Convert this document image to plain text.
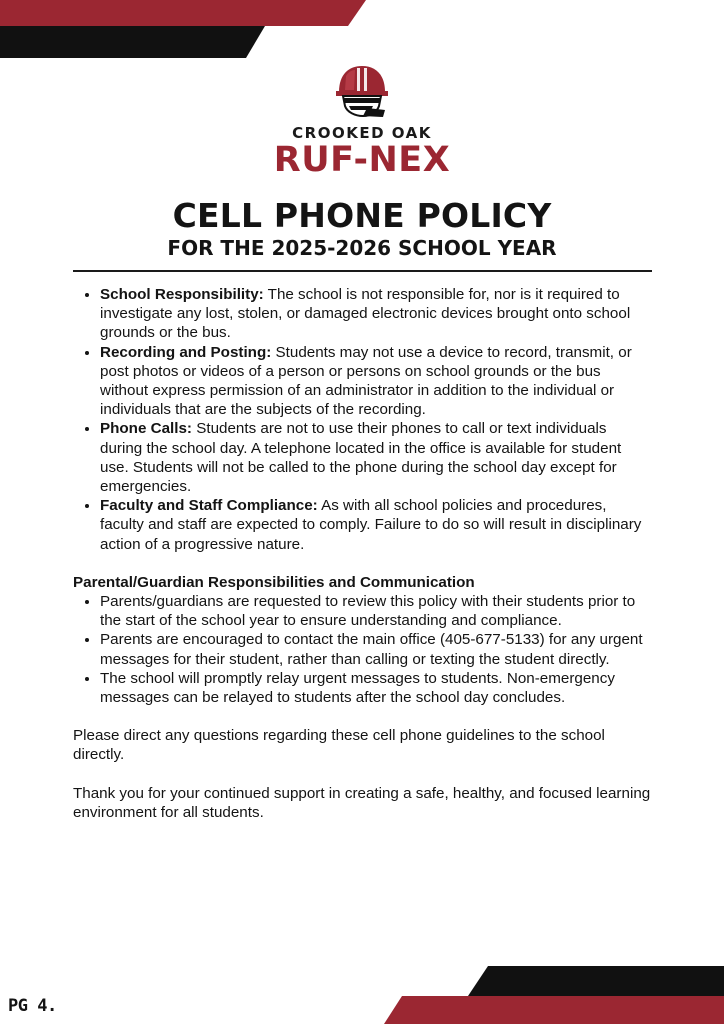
CROOKED OAK
RUF-NEX
CELL PHONE POLICY
FOR THE 2025-2026 SCHOOL YEAR
• School Responsibility: The school is not responsible for, nor is it required to investigate any lost, stolen, or damaged electronic devices brought onto school grounds or the bus.
• Recording and Posting: Students may not use a device to record, transmit, or post photos or videos of a person or persons on school grounds or the bus without express permission of an administrator in addition to the individual or individuals that are the subjects of the recording.
• Phone Calls: Students are not to use their phones to call or text individuals during the school day. A telephone located in the office is available for student use. Students will not be called to the phone during the school day except for emergencies.
• Faculty and Staff Compliance: As with all school policies and procedures, faculty and staff are expected to comply. Failure to do so will result in disciplinary action of a progressive nature.
Parental/Guardian Responsibilities and Communication
• Parents/guardians are requested to review this policy with their students prior to the start of the school year to ensure understanding and compliance.
• Parents are encouraged to contact the main office (405-677-5133) for any urgent messages for their student, rather than calling or texting the student directly.
• The school will promptly relay urgent messages to students. Non-emergency messages can be relayed to students after the school day concludes.

Please direct any questions regarding these cell phone guidelines to the school directly.

Thank you for your continued support in creating a safe, healthy, and focused learning environment for all students.

PG 4.
